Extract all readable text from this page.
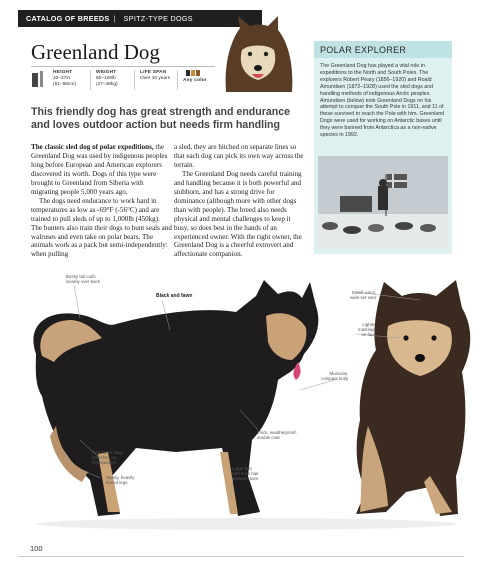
CATALOG OF BREEDS | SPITZ-TYPE DOGS
Greenland Dog
HEIGHT
20–27in
(51–68cm)
WEIGHT
60–106lb
(27–48kg)
LIFE SPAN
Over 10 years	Any color
This friendly dog has great strength and endurance and loves outdoor action but needs firm handling

The classic sled dog of polar expeditions, the Greenland Dog was used by indigenous peoples long before European and American explorers discovered its worth. Dogs of this type were brought to Greenland from Siberia with migrating people 5,000 years ago.

The dogs need endurance to work hard in temperatures as low as -69°F (-56°C) and are trained to pull sleds of up to 1,000lb (450kg). The hunters also train their dogs to hunt seals and walruses and even take on polar bears. The animals work as a pack but semi-independently: when pulling

a sled, they are hitched on separate lines so that each dog can pick its own way across the terrain.

The Greenland Dog needs careful training and handling because it is both powerful and stubborn, and has a strong drive for dominance (although more with other dogs than with people). The breed also needs physical and mental challenges to keep it busy, so does best in the hands of an experienced owner. With the right owner, the Greenland Dog is a cheerful extrovert and affectionate companion.

POLAR EXPLORER
The Greenland Dog has played a vital role in expeditions to the North and South Poles. The explorers Robert Peary (1856–1920) and Roald Amundsen (1872–1928) used the sled dogs and handling methods of indigenous Arctic peoples. Amundsen (below) took Greenland Dogs on his attempt to conquer the South Pole in 1911, and 11 of these survived to reach the Pole with him. Greenland Dogs were used for working on Antarctic bases until they were banned from Antarctica as a non-native species in 1992.
Bushy tail curls
loosely over back
Black and fawn
Small, erect,
wide-set ears
Lighter
markings
on face
Muscular,
compact body
Thick, weatherproof,
double coat
Hair forms long
breeches on
hindquarters
Sturdy, heavily
boned legs
Large feet
with thick hair
between toes
100
